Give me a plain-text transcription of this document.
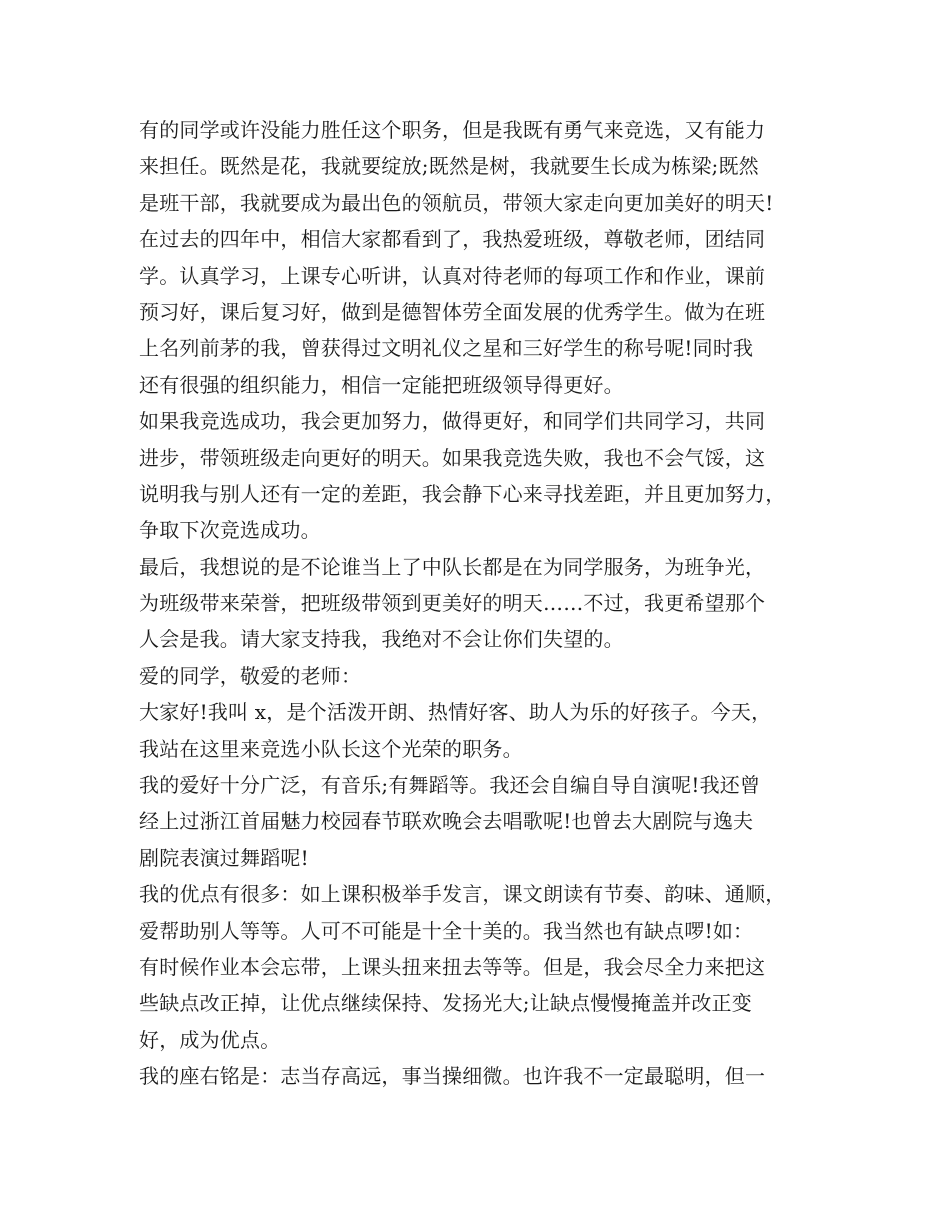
有的同学或许没能力胜任这个职务，但是我既有勇气来竞选，又有能力
来担任。既然是花，我就要绽放;既然是树，我就要生长成为栋梁;既然
是班干部，我就要成为最出色的领航员，带领大家走向更加美好的明天!
在过去的四年中，相信大家都看到了，我热爱班级，尊敬老师，团结同
学。认真学习，上课专心听讲，认真对待老师的每项工作和作业，课前
预习好，课后复习好，做到是德智体劳全面发展的优秀学生。做为在班
上名列前茅的我，曾获得过文明礼仪之星和三好学生的称号呢!同时我
还有很强的组织能力，相信一定能把班级领导得更好。
如果我竞选成功，我会更加努力，做得更好，和同学们共同学习，共同
进步，带领班级走向更好的明天。如果我竞选失败，我也不会气馁，这
说明我与别人还有一定的差距，我会静下心来寻找差距，并且更加努力，
争取下次竞选成功。
最后，我想说的是不论谁当上了中队长都是在为同学服务，为班争光，
为班级带来荣誉，把班级带领到更美好的明天……不过，我更希望那个
人会是我。请大家支持我，我绝对不会让你们失望的。
爱的同学，敬爱的老师：
大家好!我叫 x，是个活泼开朗、热情好客、助人为乐的好孩子。今天，
我站在这里来竞选小队长这个光荣的职务。
我的爱好十分广泛，有音乐;有舞蹈等。我还会自编自导自演呢!我还曾
经上过浙江首届魅力校园春节联欢晚会去唱歌呢!也曾去大剧院与逸夫
剧院表演过舞蹈呢!
我的优点有很多：如上课积极举手发言，课文朗读有节奏、韵味、通顺，
爱帮助别人等等。人可不可能是十全十美的。我当然也有缺点啰!如：
有时候作业本会忘带，上课头扭来扭去等等。但是，我会尽全力来把这
些缺点改正掉，让优点继续保持、发扬光大;让缺点慢慢掩盖并改正变
好，成为优点。
我的座右铭是：志当存高远，事当操细微。也许我不一定最聪明，但一
